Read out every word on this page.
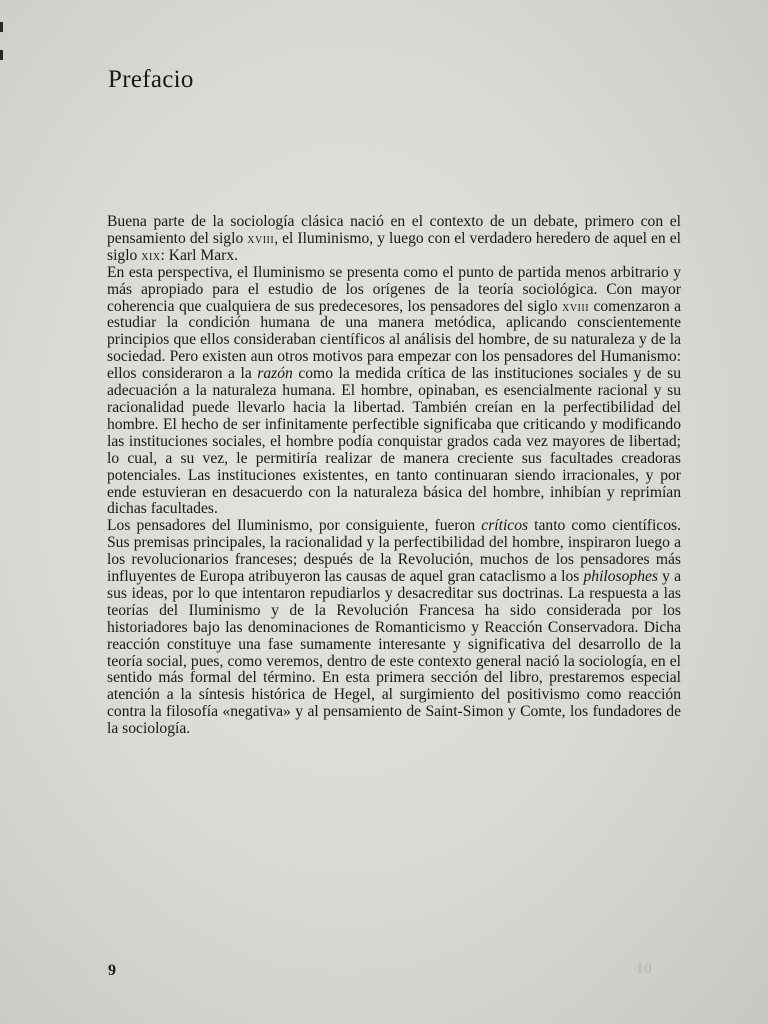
Prefacio

Buena parte de la sociología clásica nació en el contexto de un debate, primero con el pensamiento del siglo xviii, el Iluminismo, y luego con el verdadero heredero de aquel en el siglo xix: Karl Marx.

En esta perspectiva, el Iluminismo se presenta como el punto de partida menos arbitrario y más apropiado para el estudio de los orígenes de la teoría sociológica. Con mayor coherencia que cualquiera de sus predecesores, los pensadores del siglo xviii comenzaron a estudiar la condición humana de una manera metódica, aplicando conscientemente principios que ellos consideraban científicos al análisis del hombre, de su naturaleza y de la sociedad. Pero existen aun otros motivos para empezar con los pensadores del Humanismo: ellos consideraron a la razón como la medida crítica de las instituciones sociales y de su adecuación a la naturaleza humana. El hombre, opinaban, es esencialmente racional y su racionalidad puede llevarlo hacia la libertad. También creían en la perfectibilidad del hombre. El hecho de ser infinitamente perfectible significaba que criticando y modificando las instituciones sociales, el hombre podía conquistar grados cada vez mayores de libertad; lo cual, a su vez, le permitiría realizar de manera creciente sus facultades creadoras potenciales. Las instituciones existentes, en tanto continuaran siendo irracionales, y por ende estuvieran en desacuerdo con la naturaleza básica del hombre, inhibían y reprimían dichas facultades.

Los pensadores del Iluminismo, por consiguiente, fueron críticos tanto como científicos. Sus premisas principales, la racionalidad y la perfectibilidad del hombre, inspiraron luego a los revolucionarios franceses; después de la Revolución, muchos de los pensadores más influyentes de Europa atribuyeron las causas de aquel gran cataclismo a los philosophes y a sus ideas, por lo que intentaron repudiarlos y desacreditar sus doctrinas. La respuesta a las teorías del Iluminismo y de la Revolución Francesa ha sido considerada por los historiadores bajo las denominaciones de Romanticismo y Reacción Conservadora. Dicha reacción constituye una fase sumamente interesante y significativa del desarrollo de la teoría social, pues, como veremos, dentro de este contexto general nació la sociología, en el sentido más formal del término. En esta primera sección del libro, prestaremos especial atención a la síntesis histórica de Hegel, al surgimiento del positivismo como reacción contra la filosofía «negativa» y al pensamiento de Saint-Simon y Comte, los fundadores de la sociología.

9	10
